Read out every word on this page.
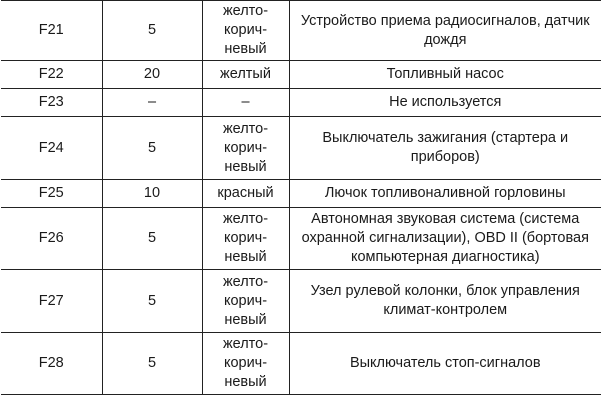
F21	5	желто-
корич-
невый	Устройство приема радиосигналов, датчик дождя
F22	20	желтый	Топливный насос
F23	–	–	Не используется
F24	5	желто-
корич-
невый	Выключатель зажигания (стартера и приборов)
F25	10	красный	Лючок топливоналивной горловины
F26	5	желто-
корич-
невый	Автономная звуковая система (система охранной сигнализации), OBD II (бортовая компьютерная диагностика)
F27	5	желто-
корич-
невый	Узел рулевой колонки, блок управления климат-контролем
F28	5	желто-
корич-
невый	Выключатель стоп-сигналов
